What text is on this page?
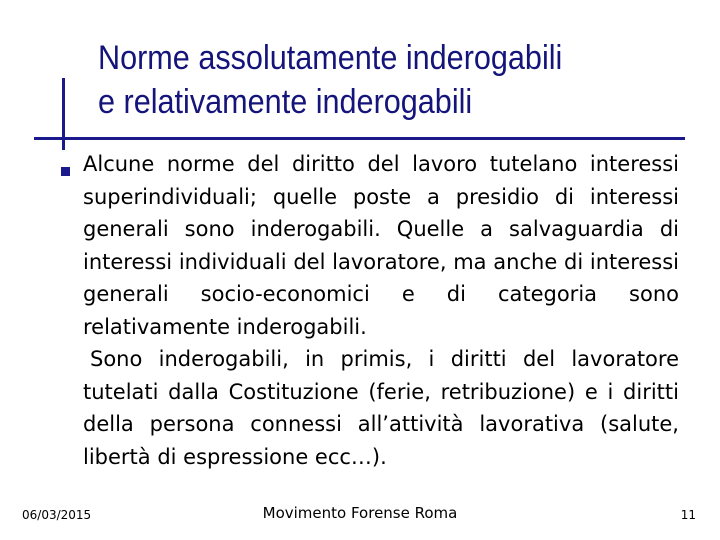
Norme assolutamente inderogabili
e relativamente inderogabili

Alcune norme del diritto del lavoro tutelano interessi superindividuali; quelle poste a presidio di interessi generali sono inderogabili. Quelle a salvaguardia di interessi individuali del lavoratore, ma anche di interessi generali socio-economici e di categoria sono relativamente inderogabili.

Sono inderogabili, in primis, i diritti del lavoratore tutelati dalla Costituzione (ferie, retribuzione) e i diritti della persona connessi all’attività lavorativa (salute, libertà di espressione ecc…).

06/03/2015	Movimento Forense Roma	11
